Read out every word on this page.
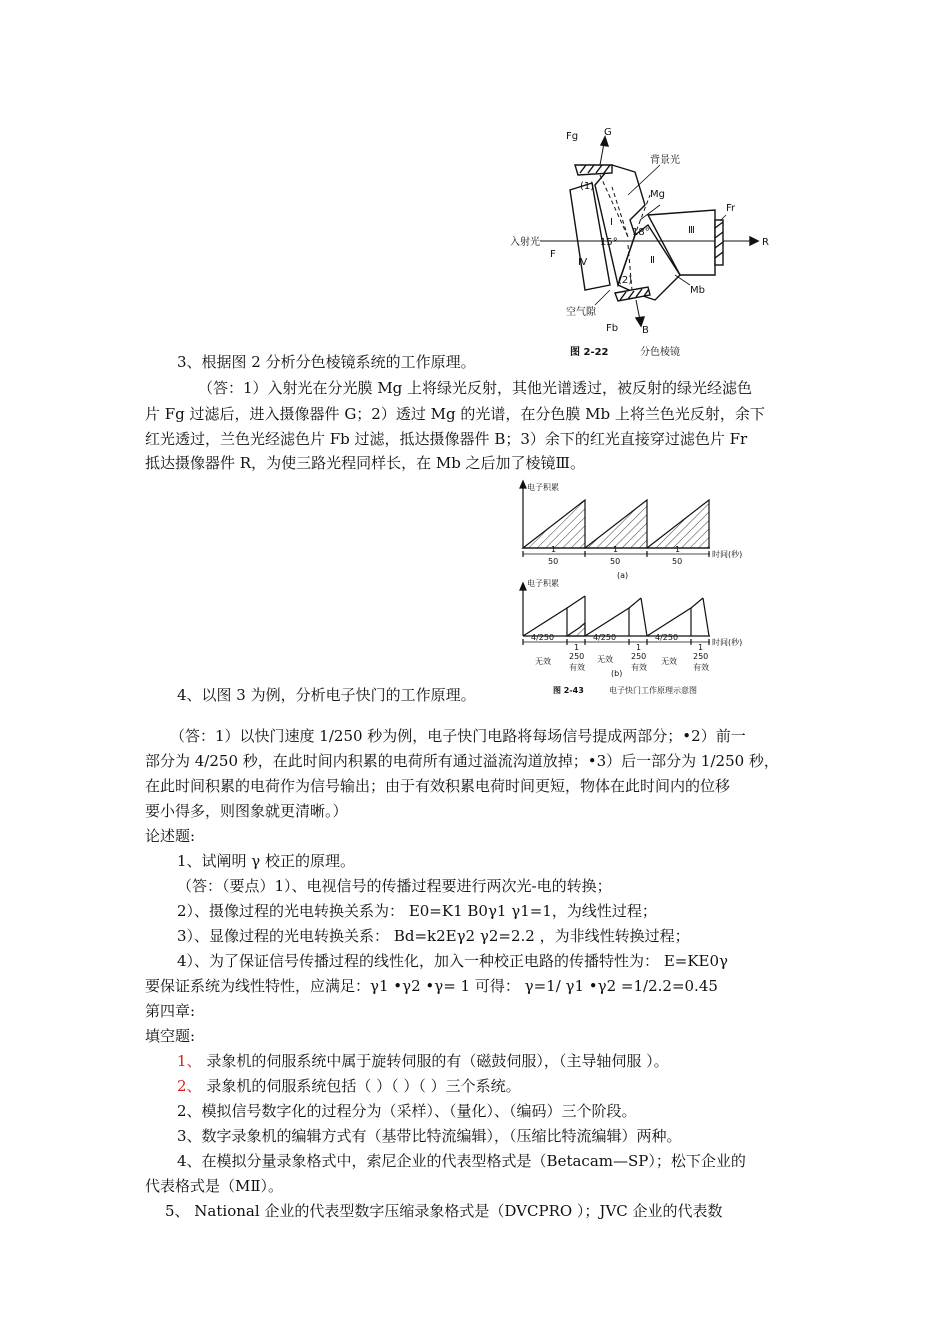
Fg	G
背景光
(1)
Mg
Ⅰ
Ⅲ
Fr
入射光
F
R
15°
18°
Ⅳ	Ⅱ
(2)
Mb
空气隙
Fb B
图 2-22	分色棱镜
电子积累
时间(秒)
1
50
1
50
1
50
(a)
电子积累
时间(秒)
4/250	4/250	4/250
1
250
1
250
1
250
无效
有效
无效
有效
无效
有效
(b)
图 2-43	电子快门工作原理示意图
3、根据图 2 分析分色棱镜系统的工作原理。
（答：1）入射光在分光膜 Mg 上将绿光反射，其他光谱透过，被反射的绿光经滤色
片 Fg 过滤后，进入摄像器件 G；2）透过 Mg 的光谱，在分色膜 Mb 上将兰色光反射，余下
红光透过，兰色光经滤色片 Fb 过滤，抵达摄像器件 B；3）余下的红光直接穿过滤色片 Fr
抵达摄像器件 R，为使三路光程同样长，在 Mb 之后加了棱镜Ⅲ。
4、以图 3 为例，分析电子快门的工作原理。
（答：1）以快门速度 1/250 秒为例，电子快门电路将每场信号提成两部分；•2）前一
部分为 4/250 秒，在此时间内积累的电荷所有通过溢流沟道放掉；•3）后一部分为 1/250 秒，
在此时间积累的电荷作为信号输出；由于有效积累电荷时间更短，物体在此时间内的位移
要小得多，则图象就更清晰。）
论述题:
1、试阐明 γ 校正的原理。
（答：（要点）1）、电视信号的传播过程要进行两次光-电的转换；
2）、摄像过程的光电转换关系为： E0=K1 B0γ1 γ1=1，为线性过程；
3）、显像过程的光电转换关系： Bd=k2Eγ2 γ2=2.2 ，为非线性转换过程；
4）、为了保证信号传播过程的线性化，加入一种校正电路的传播特性为： E=KE0γ
要保证系统为线性特性，应满足：γ1 •γ2 •γ= 1 可得： γ=1/ γ1 •γ2 =1/2.2=0.45
第四章:
填空题:
1、 录象机的伺服系统中属于旋转伺服的有（磁鼓伺服），（主导轴伺服 ）。
2、 录象机的伺服系统包括（ ）（ ）（ ）三个系统。
2、模拟信号数字化的过程分为（采样）、（量化）、（编码）三个阶段。
3、数字录象机的编辑方式有（基带比特流编辑），（压缩比特流编辑）两种。
4、在模拟分量录象格式中，索尼企业的代表型格式是（Betacam—SP）；松下企业的
代表格式是（MⅡ）。
5、 National 企业的代表型数字压缩录象格式是（DVCPRO ）；JVC 企业的代表数
